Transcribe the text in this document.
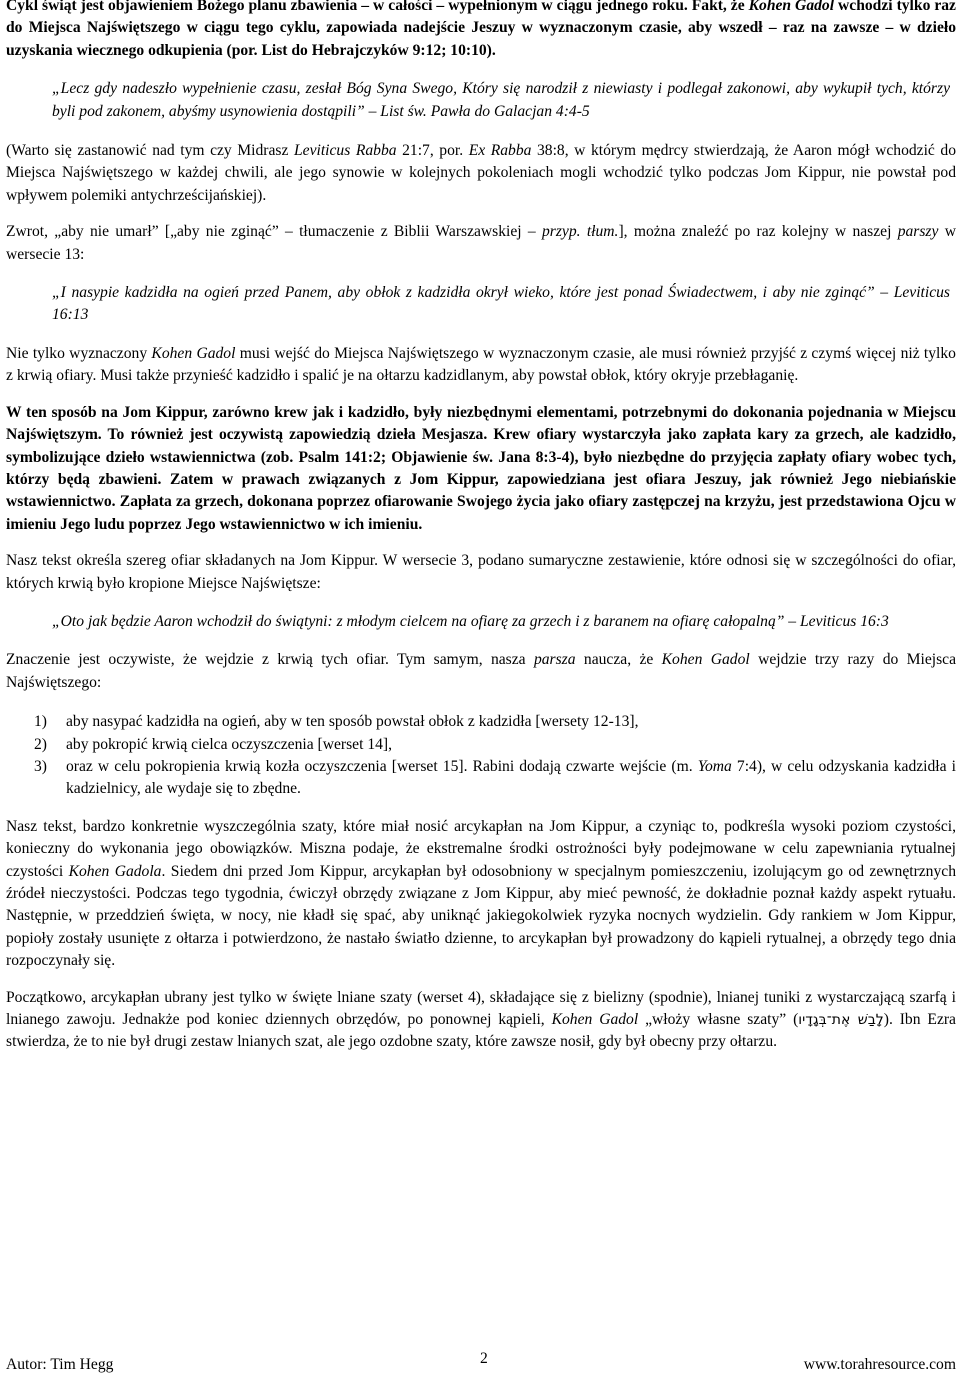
Cykl świąt jest objawieniem Bożego planu zbawienia – w całości – wypełnionym w ciągu jednego roku. Fakt, że Kohen Gadol wchodzi tylko raz do Miejsca Najświętszego w ciągu tego cyklu, zapowiada nadejście Jeszuy w wyznaczonym czasie, aby wszedł – raz na zawsze – w dzieło uzyskania wiecznego odkupienia (por. List do Hebrajczyków 9:12; 10:10).

„Lecz gdy nadeszło wypełnienie czasu, zesłał Bóg Syna Swego, Który się narodził z niewiasty i podlegał zakonowi, aby wykupił tych, którzy byli pod zakonem, abyśmy usynowienia dostąpili” – List św. Pawła do Galacjan 4:4-5

(Warto się zastanowić nad tym czy Midrasz Leviticus Rabba 21:7, por. Ex Rabba 38:8, w którym mędrcy stwierdzają, że Aaron mógł wchodzić do Miejsca Najświętszego w każdej chwili, ale jego synowie w kolejnych pokoleniach mogli wchodzić tylko podczas Jom Kippur, nie powstał pod wpływem polemiki antychrześcijańskiej).

Zwrot, „aby nie umarł” [„aby nie zginąć” – tłumaczenie z Biblii Warszawskiej – przyp. tłum.], można znaleźć po raz kolejny w naszej parszy w wersecie 13:

„I nasypie kadzidła na ogień przed Panem, aby obłok z kadzidła okrył wieko, które jest ponad Świadectwem, i aby nie zginąć” – Leviticus 16:13

Nie tylko wyznaczony Kohen Gadol musi wejść do Miejsca Najświętszego w wyznaczonym czasie, ale musi również przyjść z czymś więcej niż tylko z krwią ofiary. Musi także przynieść kadzidło i spalić je na ołtarzu kadzidlanym, aby powstał obłok, który okryje przebłaganię.

W ten sposób na Jom Kippur, zarówno krew jak i kadzidło, były niezbędnymi elementami, potrzebnymi do dokonania pojednania w Miejscu Najświętszym. To również jest oczywistą zapowiedzią dzieła Mesjasza. Krew ofiary wystarczyła jako zapłata kary za grzech, ale kadzidło, symbolizujące dzieło wstawiennictwa (zob. Psalm 141:2; Objawienie św. Jana 8:3-4), było niezbędne do przyjęcia zapłaty ofiary wobec tych, którzy będą zbawieni. Zatem w prawach związanych z Jom Kippur, zapowiedziana jest ofiara Jeszuy, jak również Jego niebiańskie wstawiennictwo. Zapłata za grzech, dokonana poprzez ofiarowanie Swojego życia jako ofiary zastępczej na krzyżu, jest przedstawiona Ojcu w imieniu Jego ludu poprzez Jego wstawiennictwo w ich imieniu.

Nasz tekst określa szereg ofiar składanych na Jom Kippur. W wersecie 3, podano sumaryczne zestawienie, które odnosi się w szczególności do ofiar, których krwią było kropione Miejsce Najświętsze:

„Oto jak będzie Aaron wchodził do świątyni: z młodym cielcem na ofiarę za grzech i z baranem na ofiarę całopalną” – Leviticus 16:3

Znaczenie jest oczywiste, że wejdzie z krwią tych ofiar. Tym samym, nasza parsza naucza, że Kohen Gadol wejdzie trzy razy do Miejsca Najświętszego:

1) aby nasypać kadzidła na ogień, aby w ten sposób powstał obłok z kadzidła [wersety 12-13],
2) aby pokropić krwią cielca oczyszczenia [werset 14],
3) oraz w celu pokropienia krwią kozła oczyszczenia [werset 15]. Rabini dodają czwarte wejście (m. Yoma 7:4), w celu odzyskania kadzidła i kadzielnicy, ale wydaje się to zbędne.

Nasz tekst, bardzo konkretnie wyszczególnia szaty, które miał nosić arcykapłan na Jom Kippur, a czyniąc to, podkreśla wysoki poziom czystości, konieczny do wykonania jego obowiązków. Miszna podaje, że ekstremalne środki ostrożności były podejmowane w celu zapewniania rytualnej czystości Kohen Gadola. Siedem dni przed Jom Kippur, arcykapłan był odosobniony w specjalnym pomieszczeniu, izolującym go od zewnętrznych źródeł nieczystości. Podczas tego tygodnia, ćwiczył obrzędy związane z Jom Kippur, aby mieć pewność, że dokładnie poznał każdy aspekt rytuału. Następnie, w przeddzień święta, w nocy, nie kładł się spać, aby uniknąć jakiegokolwiek ryzyka nocnych wydzielin. Gdy rankiem w Jom Kippur, popioły zostały usunięte z ołtarza i potwierdzono, że nastało światło dzienne, to arcykapłan był prowadzony do kąpieli rytualnej, a obrzędy tego dnia rozpoczynały się.

Początkowo, arcykapłan ubrany jest tylko w święte lniane szaty (werset 4), składające się z bielizny (spodnie), lnianej tuniki z wystarczającą szarfą i lnianego zawoju. Jednakże pod koniec dziennych obrzędów, po ponownej kąpieli, Kohen Gadol „włoży własne szaty” (לָבַשׁ אֶת־בְּגָדָיו). Ibn Ezra stwierdza, że to nie był drugi zestaw lnianych szat, ale jego ozdobne szaty, które zawsze nosił, gdy był obecny przy ołtarzu.

Autor: Tim Hegg	2	www.torahresource.com
